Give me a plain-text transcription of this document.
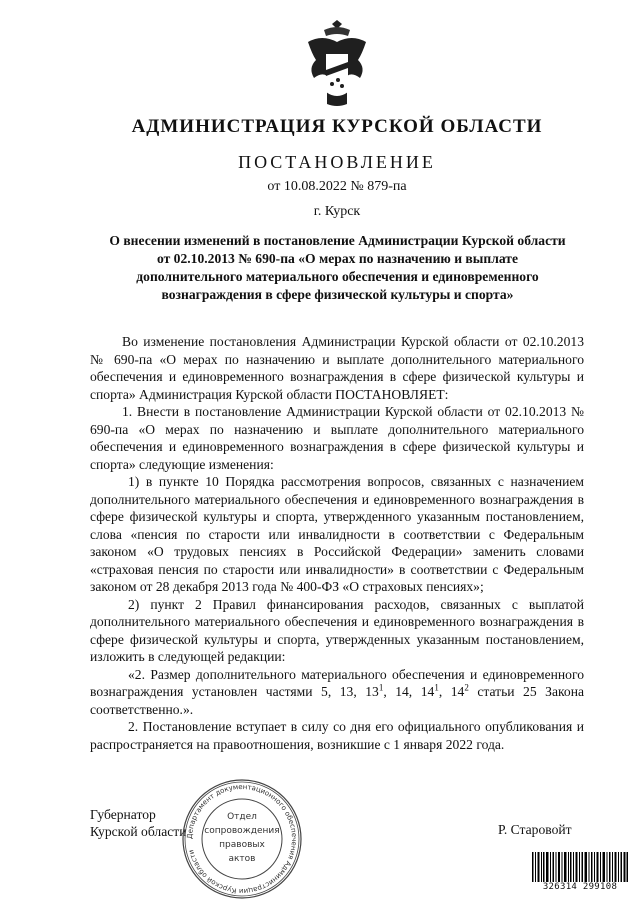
АДМИНИСТРАЦИЯ КУРСКОЙ ОБЛАСТИ
ПОСТАНОВЛЕНИЕ
от 10.08.2022 № 879-па
г. Курск
О внесении изменений в постановление Администрации Курской области от 02.10.2013 № 690-па «О мерах по назначению и выплате дополнительного материального обеспечения и единовременного вознаграждения в сфере физической культуры и спорта»

Во изменение постановления Администрации Курской области от 02.10.2013 № 690-па «О мерах по назначению и выплате дополнительного материального обеспечения и единовременного вознаграждения в сфере физической культуры и спорта» Администрация Курской области ПОСТАНОВЛЯЕТ:

1. Внести в постановление Администрации Курской области от 02.10.2013 № 690-па «О мерах по назначению и выплате дополнительного материального обеспечения и единовременного вознаграждения в сфере физической культуры и спорта» следующие изменения:

1) в пункте 10 Порядка рассмотрения вопросов, связанных с назначением дополнительного материального обеспечения и единовременного вознаграждения в сфере физической культуры и спорта, утвержденного указанным постановлением, слова «пенсия по старости или инвалидности в соответствии с Федеральным законом «О трудовых пенсиях в Российской Федерации» заменить словами «страховая пенсия по старости или инвалидности» в соответствии с Федеральным законом от 28 декабря 2013 года № 400-ФЗ «О страховых пенсиях»;

2) пункт 2 Правил финансирования расходов, связанных с выплатой дополнительного материального обеспечения и единовременного вознаграждения в сфере физической культуры и спорта, утвержденных указанным постановлением, изложить в следующей редакции:

«2. Размер дополнительного материального обеспечения и единовременного вознаграждения установлен частями 5, 13, $13^1$, 14, $14^1$, $14^2$ статьи 25 Закона соответственно.».

2. Постановление вступает в силу со дня его официального опубликования и распространяется на правоотношения, возникшие с 1 января 2022 года.

Губернатор
Курской области	Р. Старовойт
Департамент документационного обеспечения Администрации Курской области
Отдел
сопровождения
правовых
актов
326314 299108
